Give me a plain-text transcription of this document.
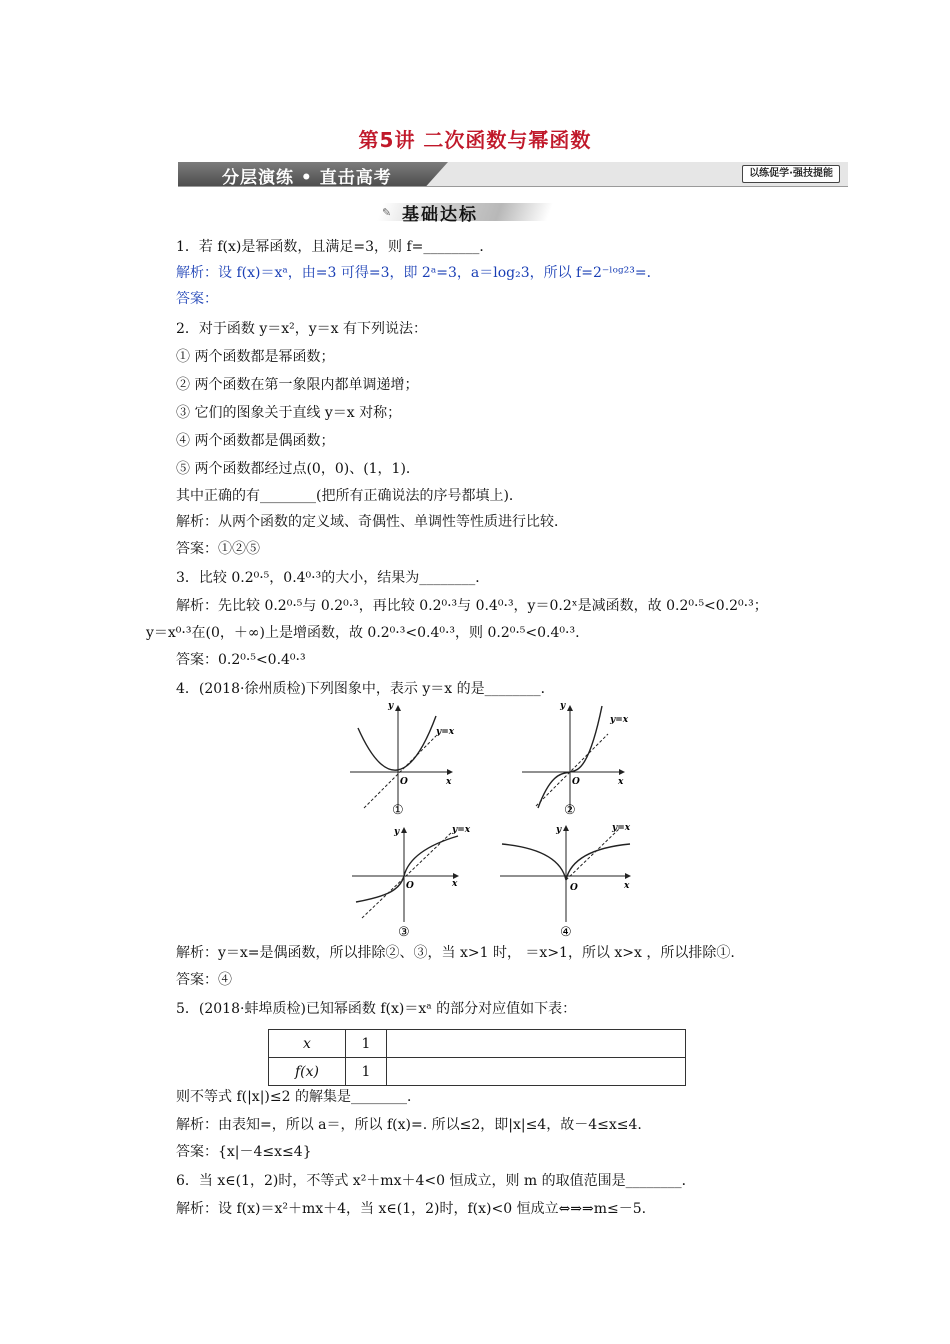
第5讲 二次函数与幂函数
分层演练 • 直击高考	以练促学·强技提能
✎ 基础达标
1．若 f(x)是幂函数，且满足=3，则 f=________．
解析：设 f(x)＝xᵃ，由=3 可得=3，即 2ᵃ=3，a＝log₂3，所以 f=2⁻ˡᵒᵍ²³=．
答案：
2．对于函数 y＝x²，y＝x 有下列说法：
① 两个函数都是幂函数；
② 两个函数在第一象限内都单调递增；
③ 它们的图象关于直线 y＝x 对称；
④ 两个函数都是偶函数；
⑤ 两个函数都经过点(0，0)、(1，1)．
其中正确的有________(把所有正确说法的序号都填上)．
解析：从两个函数的定义域、奇偶性、单调性等性质进行比较．
答案：①②⑤
3．比较 0.2⁰·⁵，0.4⁰·³的大小，结果为________．
解析：先比较 0.2⁰·⁵与 0.2⁰·³，再比较 0.2⁰·³与 0.4⁰·³，y＝0.2ˣ是减函数，故 0.2⁰·⁵<0.2⁰·³；
y＝x⁰·³在(0，＋∞)上是增函数，故 0.2⁰·³<0.4⁰·³，则 0.2⁰·⁵<0.4⁰·³.
答案：0.2⁰·⁵<0.4⁰·³
4．(2018·徐州质检)下列图象中，表示 y＝x 的是________．
y=x
y
x
O
①
y=x
y
x
O
②
y=x
y
x
O
③
y=x
y
x
O
④
解析：y＝x=是偶函数，所以排除②、③，当 x>1 时， ＝x>1，所以 x>x ，所以排除①.
答案：④
5．(2018·蚌埠质检)已知幂函数 f(x)＝xᵃ 的部分对应值如下表：
x	1	
f(x)	1	
则不等式 f(|x|)≤2 的解集是________．
解析：由表知=，所以 a＝，所以 f(x)=. 所以≤2，即|x|≤4，故－4≤x≤4.
答案：{x|－4≤x≤4}
6．当 x∈(1，2)时，不等式 x²＋mx＋4<0 恒成立，则 m 的取值范围是________．
解析：设 f(x)＝x²＋mx＋4，当 x∈(1，2)时，f(x)<0 恒成立⇔⇒⇒m≤－5.
